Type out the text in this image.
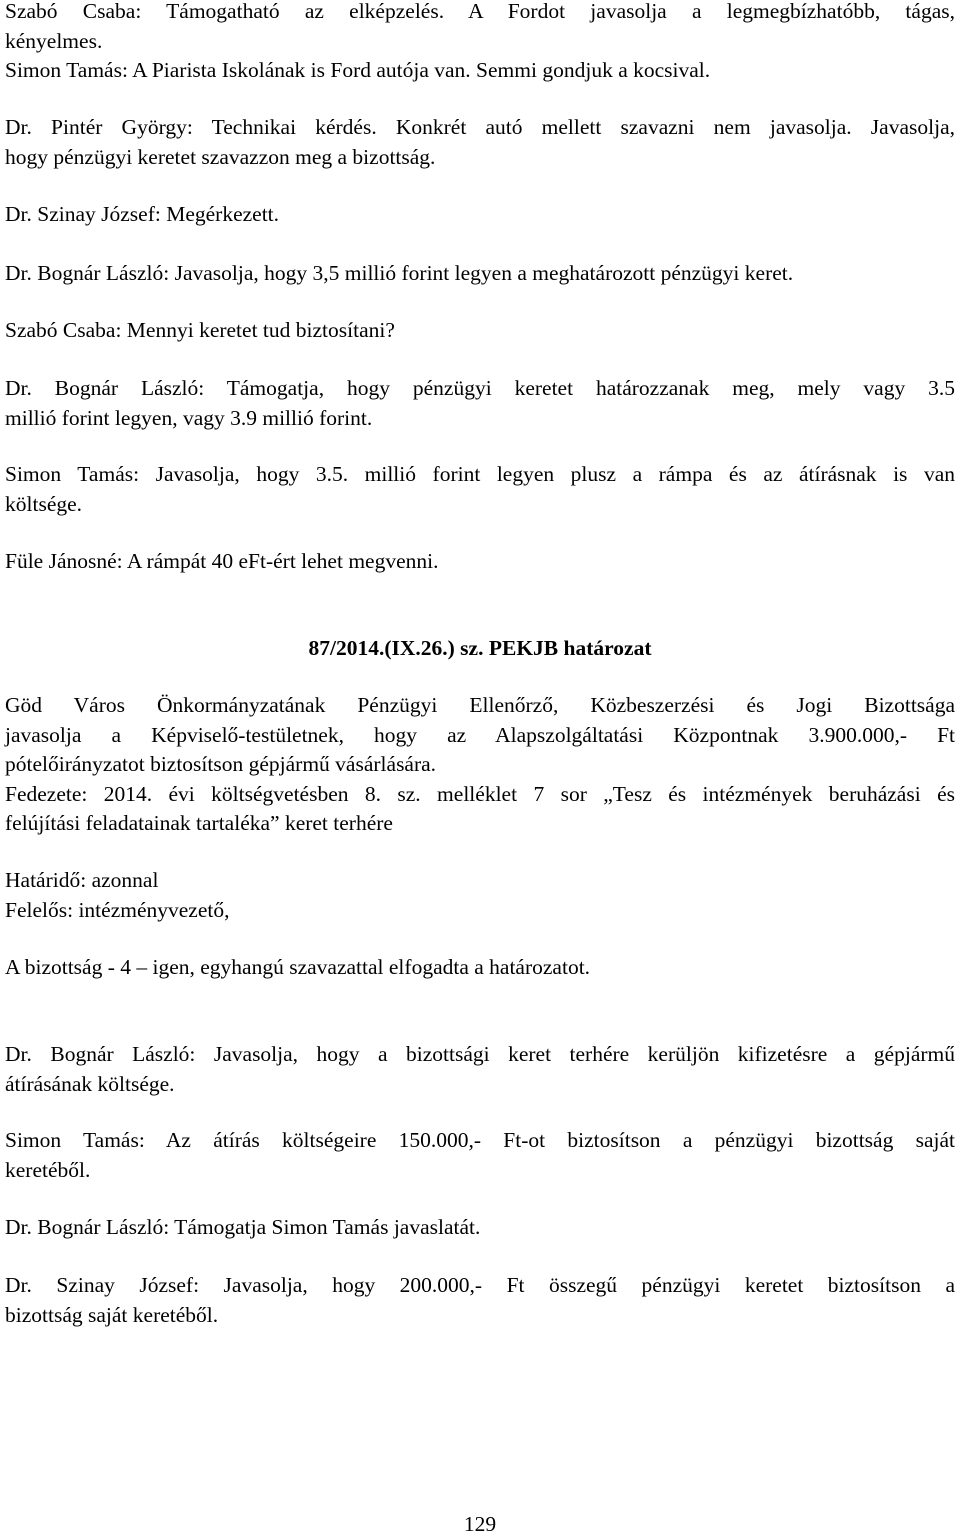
Szabó Csaba: Támogatható az elképzelés. A Fordot javasolja a legmegbízhatóbb, tágas,
kényelmes.

Simon Tamás: A Piarista Iskolának is Ford autója van. Semmi gondjuk a kocsival.

Dr. Pintér György: Technikai kérdés. Konkrét autó mellett szavazni nem javasolja. Javasolja,
hogy pénzügyi keretet szavazzon meg a bizottság.

Dr. Szinay József: Megérkezett.

Dr. Bognár László: Javasolja, hogy 3,5 millió forint legyen a meghatározott pénzügyi keret.

Szabó Csaba: Mennyi keretet tud biztosítani?

Dr. Bognár László: Támogatja, hogy pénzügyi keretet határozzanak meg, mely vagy 3.5
millió forint legyen, vagy 3.9 millió forint.

Simon Tamás: Javasolja, hogy 3.5. millió forint legyen plusz a rámpa és az átírásnak is van
költsége.

Füle Jánosné: A rámpát 40 eFt-ért lehet megvenni.

87/2014.(IX.26.) sz. PEKJB határozat

Göd Város Önkormányzatának Pénzügyi Ellenőrző, Közbeszerzési és Jogi Bizottsága
javasolja a Képviselő-testületnek, hogy az Alapszolgáltatási Központnak 3.900.000,- Ft
pótelőirányzatot biztosítson gépjármű vásárlására.
Fedezete: 2014. évi költségvetésben 8. sz. melléklet 7 sor „Tesz és intézmények beruházási és
felújítási feladatainak tartaléka” keret terhére

Határidő: azonnal
Felelős: intézményvezető,

A bizottság - 4 – igen, egyhangú szavazattal elfogadta a határozatot.

Dr. Bognár László: Javasolja, hogy a bizottsági keret terhére kerüljön kifizetésre a gépjármű
átírásának költsége.

Simon Tamás: Az átírás költségeire 150.000,- Ft-ot biztosítson a pénzügyi bizottság saját
keretéből.

Dr. Bognár László: Támogatja Simon Tamás javaslatát.

Dr. Szinay József: Javasolja, hogy 200.000,- Ft összegű pénzügyi keretet biztosítson a
bizottság saját keretéből.

129
